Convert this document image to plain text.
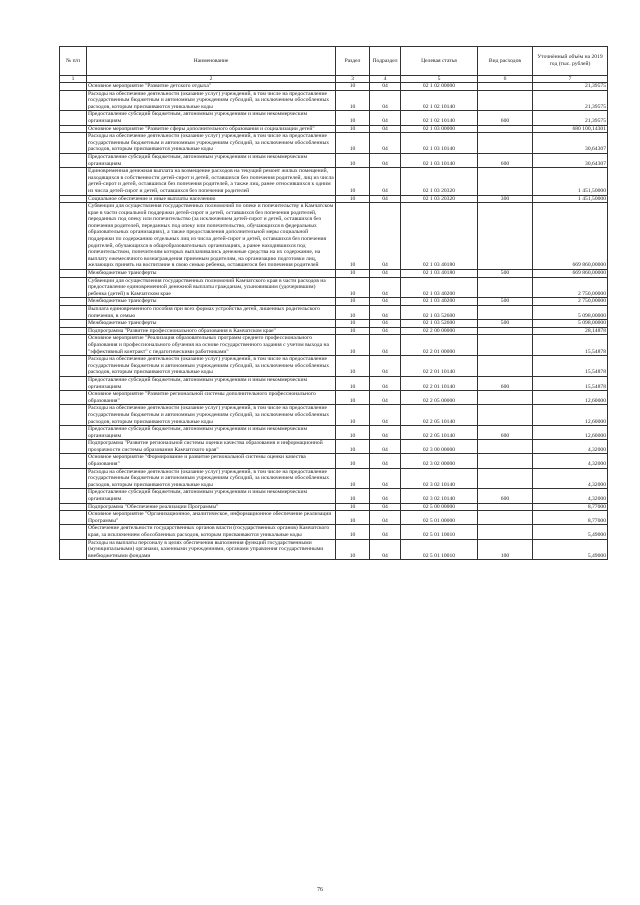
№ п/п	Наименование	Раздел	Подраздел	Целевая статья	Вид расходов	Уточнённый объём на 2019 год (тыс. рублей)
1	2	3	4	5	6	7
	Основное мероприятие "Развитие детского отдыха"	10	04	02 1 02 00000		21,39575
	Расходы на обеспечение деятельности (оказание услуг) учреждений, в том числе на предоставление государственным бюджетным и автономным учреждениям субсидий, за исключением обособленных расходов, которым присваиваются уникальные коды	10	04	02 1 02 10140		21,39575
	Предоставление субсидий бюджетным, автономным учреждениям и иным некоммерческим организациям	10	04	02 1 02 10140	600	21,39575
	Основное мероприятие "Развитие сферы дополнительного образования и социализации детей"	10	04	02 1 03 00000		680 100,14301
	Расходы на обеспечение деятельности (оказание услуг) учреждений, в том числе на предоставление государственным бюджетным и автономным учреждениям субсидий, за исключением обособленных расходов, которым присваиваются уникальные коды	10	04	02 1 03 10140		30,64307
	Предоставление субсидий бюджетным, автономным учреждениям и иным некоммерческим организациям	10	04	02 1 03 10140	600	30,64307
	Единовременная денежная выплата на возмещение расходов на текущий ремонт жилых помещений, находящихся в собственности детей-сирот и детей, оставшихся без попечения родителей, лиц из числа детей-сирот и детей, оставшихся без попечения родителей, а также лиц, ранее относившихся к одним из числа детей-сирот и детей, оставшихся без попечения родителей	10	04	02 1 03 20320		1 451,50000
	Социальное обеспечение и иные выплаты населению	10	04	02 1 03 20320	300	1 451,50000
	Субвенции для осуществления государственных полномочий по опеке и попечительству в Камчатском крае в части социальной поддержки детей-сирот и детей, оставшихся без попечения родителей, переданных под опеку или попечительство (за исключением детей-сирот и детей, оставшихся без попечения родителей, переданных под опеку или попечительство, обучающихся в федеральных образовательных организациях), а также предоставления дополнительной меры социальной поддержки по содержанию отдельных лиц из числа детей-сирот и детей, оставшихся без попечения родителей, обучающихся в общеобразовательных организациях, а ранее находившихся под попечительством, попечителям которых выплачивались денежные средства на их содержание, на выплату ежемесячного вознаграждения приемным родителям, на организацию подготовки лиц, желающих принять на воспитание в свою семью ребенка, оставшегося без попечения родителей	10	04	02 1 03 40180		669 860,00000
	Межбюджетные трансферты	10	04	02 1 03 40180	500	669 860,00000
	Субвенции для осуществления государственных полномочий Камчатского края в части расходов на предоставление единовременной денежной выплаты гражданам, усыновившим (удочерившим) ребенка (детей) в Камчатском крае	10	04	02 1 03 40200		2 750,00000
	Межбюджетные трансферты	10	04	02 1 03 40200	500	2 750,00000
	Выплата единовременного пособия при всех формах устройства детей, лишенных родительского попечения, в семью	10	04	02 1 03 52600		5 098,00000
	Межбюджетные трансферты	10	04	02 1 03 52600	500	5 098,00000
	Подпрограмма "Развитие профессионального образования в Камчатском крае"	10	04	02 2 00 00000		28,14878
	Основное мероприятие "Реализация образовательных программ среднего профессионального образования и профессионального обучения на основе государственного задания с учетом выхода на "эффективный контракт" с педагогическими работниками"	10	04	02 2 01 00000		15,54878
	Расходы на обеспечение деятельности (оказание услуг) учреждений, в том числе на предоставление государственным бюджетным и автономным учреждениям субсидий, за исключением обособленных расходов, которым присваиваются уникальные коды	10	04	02 2 01 10140		15,54878
	Предоставление субсидий бюджетным, автономным учреждениям и иным некоммерческим организациям	10	04	02 2 01 10140	600	15,54878
	Основное мероприятие "Развитие региональной системы дополнительного профессионального образования"	10	04	02 2 05 00000		12,60000
	Расходы на обеспечение деятельности (оказание услуг) учреждений, в том числе на предоставление государственным бюджетным и автономным учреждениям субсидий, за исключением обособленных расходов, которым присваиваются уникальные коды	10	04	02 2 05 10140		12,60000
	Предоставление субсидий бюджетным, автономным учреждениям и иным некоммерческим организациям	10	04	02 2 05 10140	600	12,60000
	Подпрограмма "Развитие региональной системы оценки качества образования и информационной прозрачности системы образования Камчатского края"	10	04	02 3 00 00000		4,32000
	Основное мероприятие "Формирование и развитие региональной системы оценки качества образования"	10	04	02 3 02 00000		4,32000
	Расходы на обеспечение деятельности (оказание услуг) учреждений, в том числе на предоставление государственным бюджетным и автономным учреждениям субсидий, за исключением обособленных расходов, которым присваиваются уникальные коды	10	04	02 3 02 10140		4,32000
	Предоставление субсидий бюджетным, автономным учреждениям и иным некоммерческим организациям	10	04	02 3 02 10140	600	4,32000
	Подпрограмма "Обеспечение реализации Программы"	10	04	02 5 00 00000		8,77000
	Основное мероприятие "Организационное, аналитическое, информационное обеспечение реализации Программы"	10	04	02 5 01 00000		8,77000
	Обеспечение деятельности государственных органов власти (государственных органов) Камчатского края, за исключением обособленных расходов, которым присваиваются уникальные коды	10	04	02 5 01 10010		5,49000
	Расходы на выплаты персоналу в целях обеспечения выполнения функций государственными (муниципальными) органами, казенными учреждениями, органами управления государственными внебюджетными фондами	10	04	02 5 01 10010	100	5,49000
76
